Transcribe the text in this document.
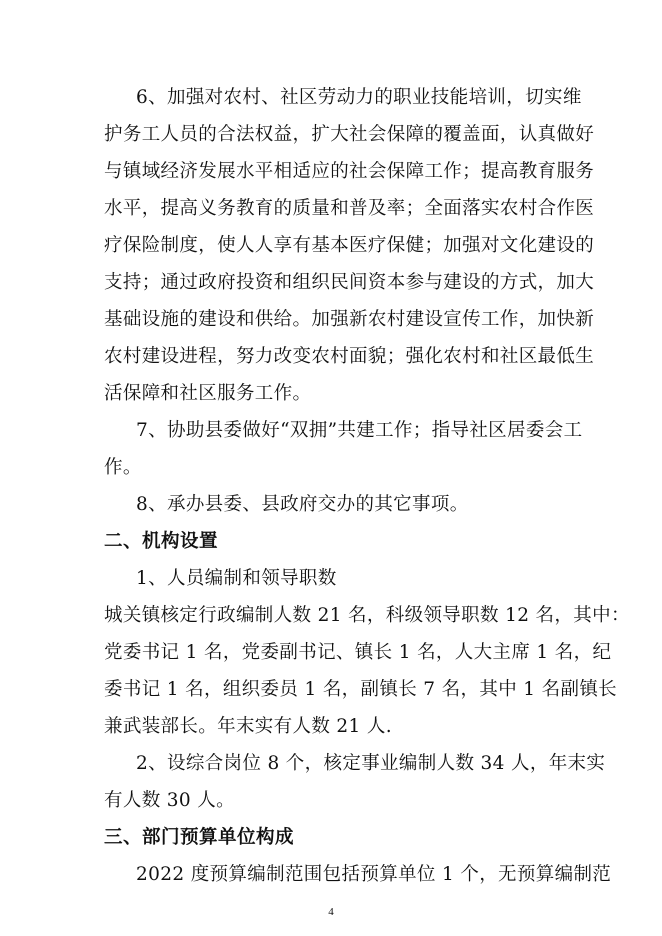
6、加强对农村、社区劳动力的职业技能培训，切实维
护务工人员的合法权益，扩大社会保障的覆盖面，认真做好
与镇域经济发展水平相适应的社会保障工作；提高教育服务
水平，提高义务教育的质量和普及率；全面落实农村合作医
疗保险制度，使人人享有基本医疗保健；加强对文化建设的
支持；通过政府投资和组织民间资本参与建设的方式，加大
基础设施的建设和供给。加强新农村建设宣传工作，加快新
农村建设进程，努力改变农村面貌；强化农村和社区最低生
活保障和社区服务工作。
7、协助县委做好“双拥”共建工作；指导社区居委会工
作。
8、承办县委、县政府交办的其它事项。
二、机构设置
1、人员编制和领导职数
城关镇核定行政编制人数 21 名，科级领导职数 12 名，其中：
党委书记 1 名，党委副书记、镇长 1 名，人大主席 1 名，纪
委书记 1 名，组织委员 1 名，副镇长 7 名，其中 1 名副镇长
兼武装部长。年末实有人数 21 人.
2、设综合岗位 8 个，核定事业编制人数 34 人，年末实
有人数 30 人。
三、部门预算单位构成
2022 度预算编制范围包括预算单位 1 个，无预算编制范
4
